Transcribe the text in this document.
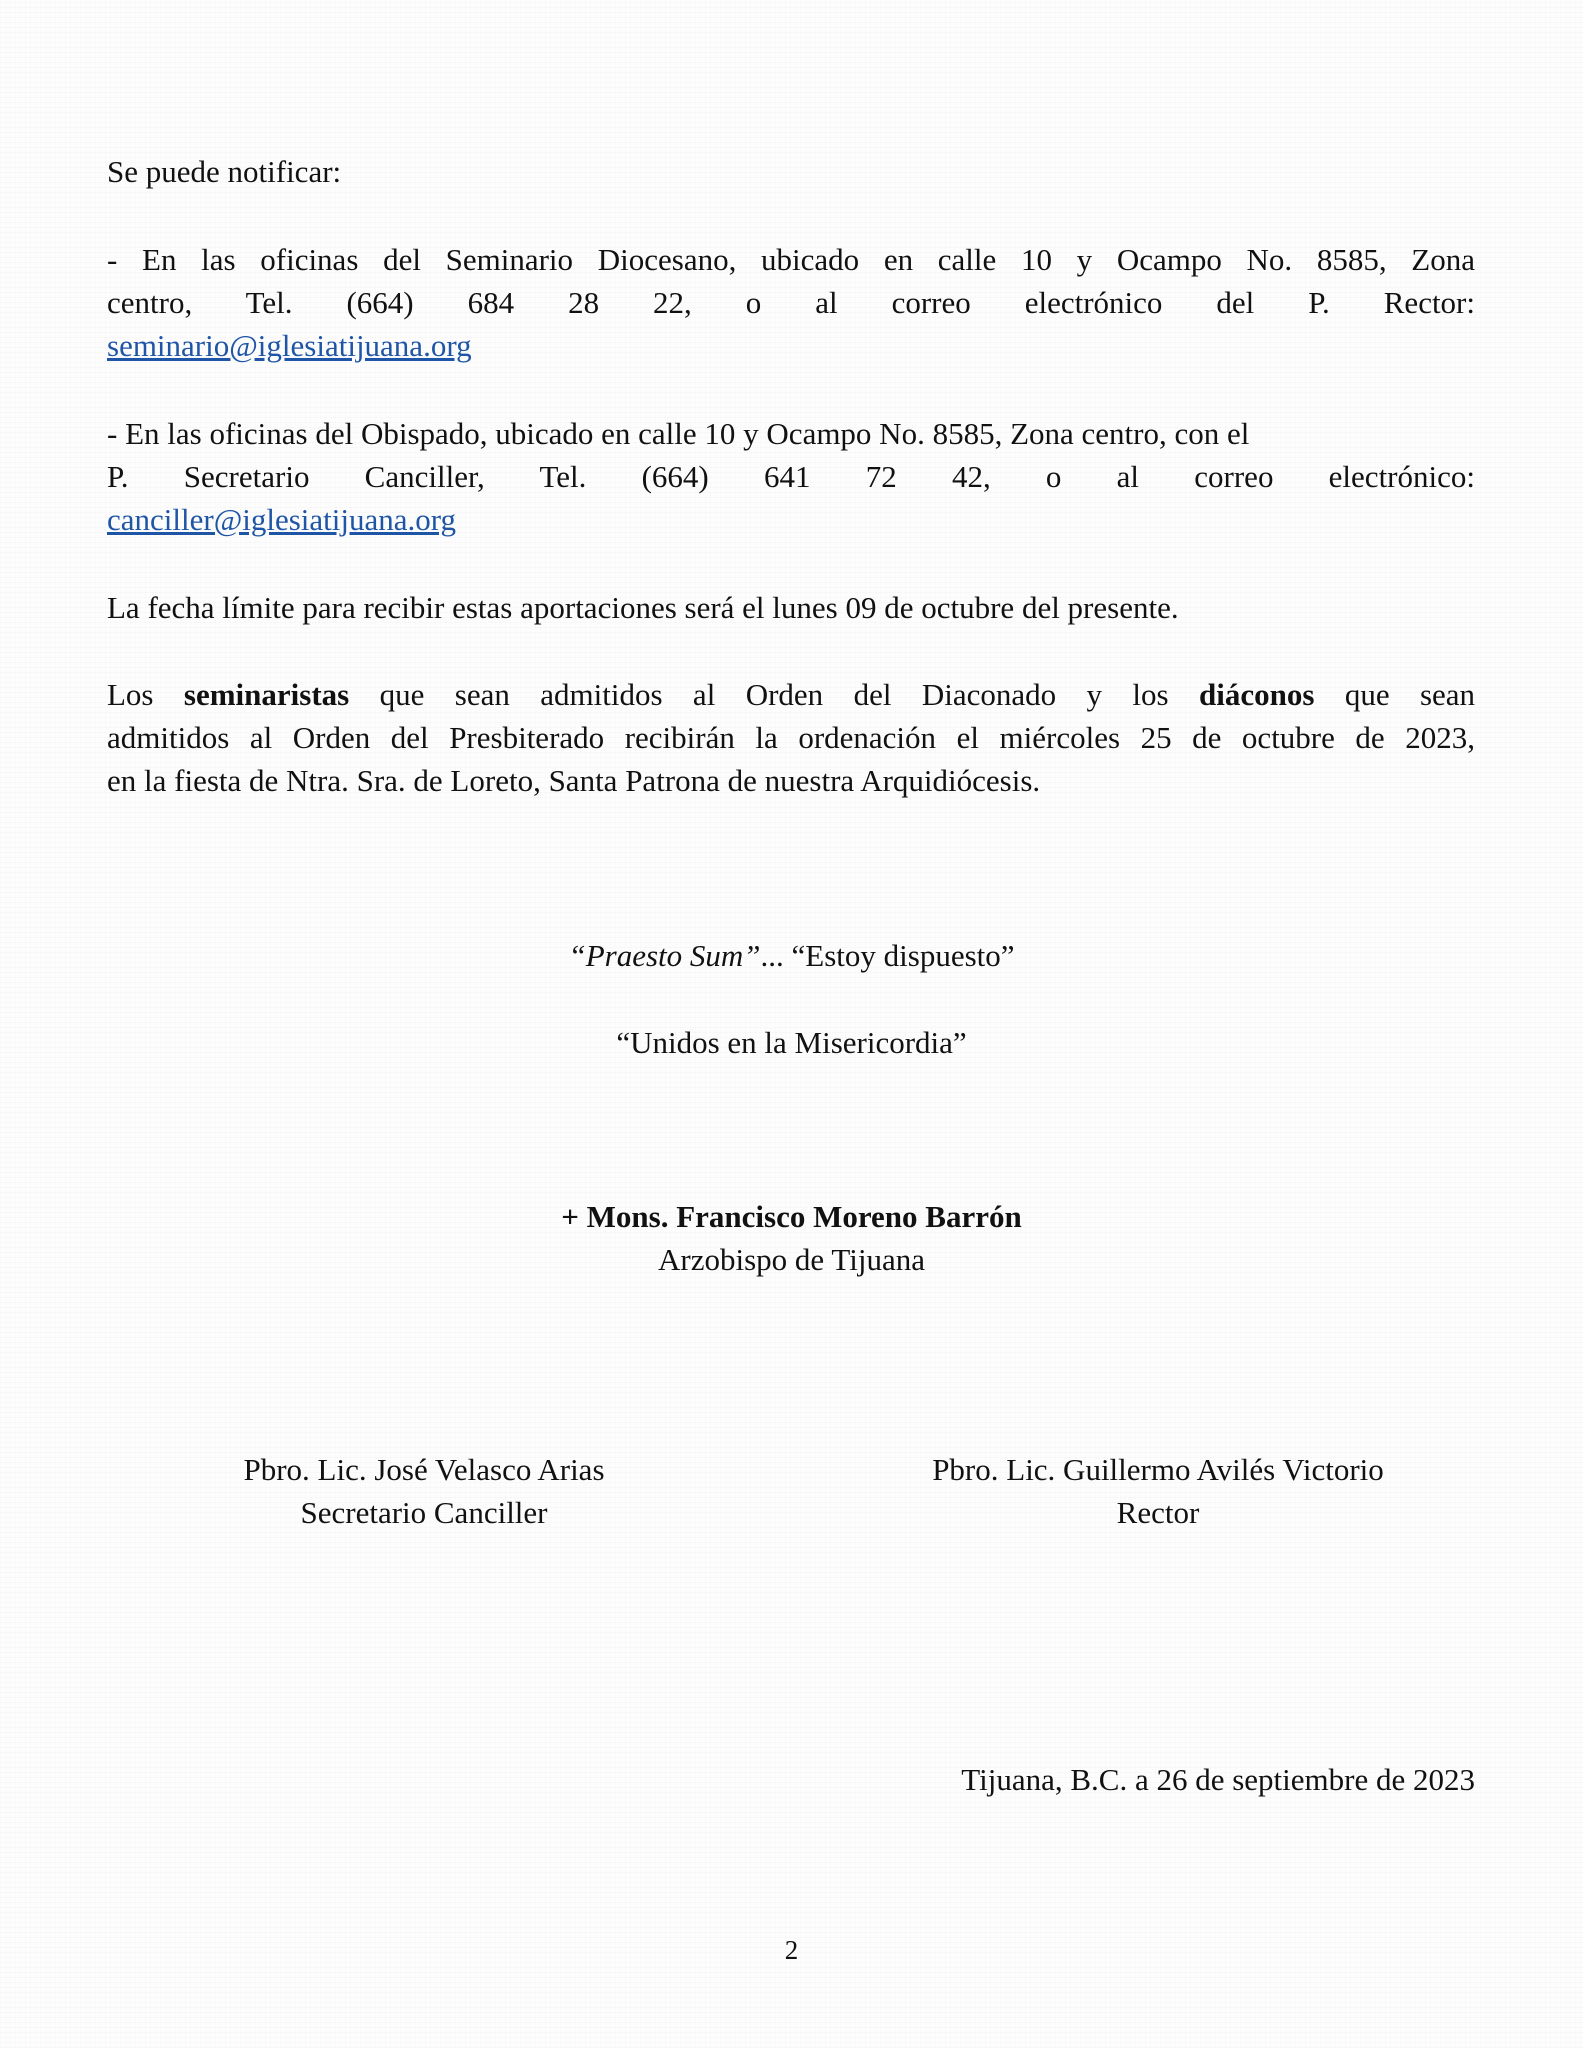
Se puede notificar:

- En las oficinas del Seminario Diocesano, ubicado en calle 10 y Ocampo No. 8585, Zona
centro, Tel. (664) 684 28 22, o al correo electrónico del P. Rector:
seminario@iglesiatijuana.org
- En las oficinas del Obispado, ubicado en calle 10 y Ocampo No. 8585, Zona centro, con el
P. Secretario Canciller, Tel. (664) 641 72 42, o al correo electrónico:
canciller@iglesiatijuana.org

La fecha límite para recibir estas aportaciones será el lunes 09 de octubre del presente.

Los seminaristas que sean admitidos al Orden del Diaconado y los diáconos que sean
admitidos al Orden del Presbiterado recibirán la ordenación el miércoles 25 de octubre de 2023,
en la fiesta de Ntra. Sra. de Loreto, Santa Patrona de nuestra Arquidiócesis.
“Praesto Sum”... “Estoy dispuesto”
“Unidos en la Misericordia”
+ Mons. Francisco Moreno Barrón
Arzobispo de Tijuana
Pbro. Lic. José Velasco Arias
Secretario Canciller
Pbro. Lic. Guillermo Avilés Victorio
Rector
Tijuana, B.C. a 26 de septiembre de 2023
2
